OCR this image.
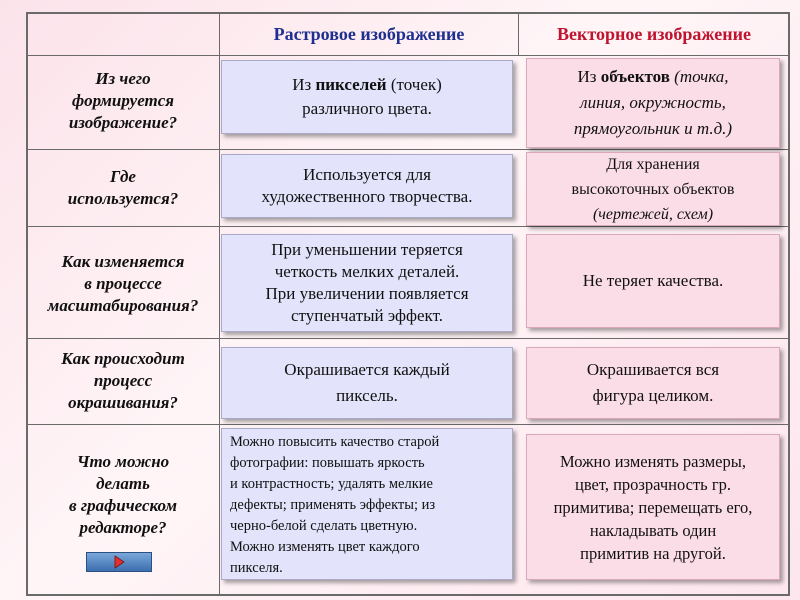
Растровое изображение	Векторное изображение
Из чего
формируется
изображение?
Где
используется?
Как изменяется
в процессе
масштабирования?
Как происходит
процесс
окрашивания?
Что можно
делать
в графическом
редакторе?
Из пикселей (точек)
различного цвета.
Из объектов (точка,
линия, окружность,
прямоугольник и т.д.)
Используется для
художественного творчества.
Для хранения
высокоточных объектов
(чертежей, схем)
При уменьшении теряется
четкость мелких деталей.
При увеличении появляется
ступенчатый эффект.
Не теряет качества.
Окрашивается каждый
пиксель.
Окрашивается вся
фигура целиком.
Можно повысить качество старой
фотографии: повышать яркость
и контрастность; удалять мелкие
дефекты; применять эффекты; из
черно-белой сделать цветную.
Можно изменять цвет каждого
пикселя.
Можно изменять размеры,
цвет, прозрачность гр.
примитива; перемещать его,
накладывать один
примитив на другой.
